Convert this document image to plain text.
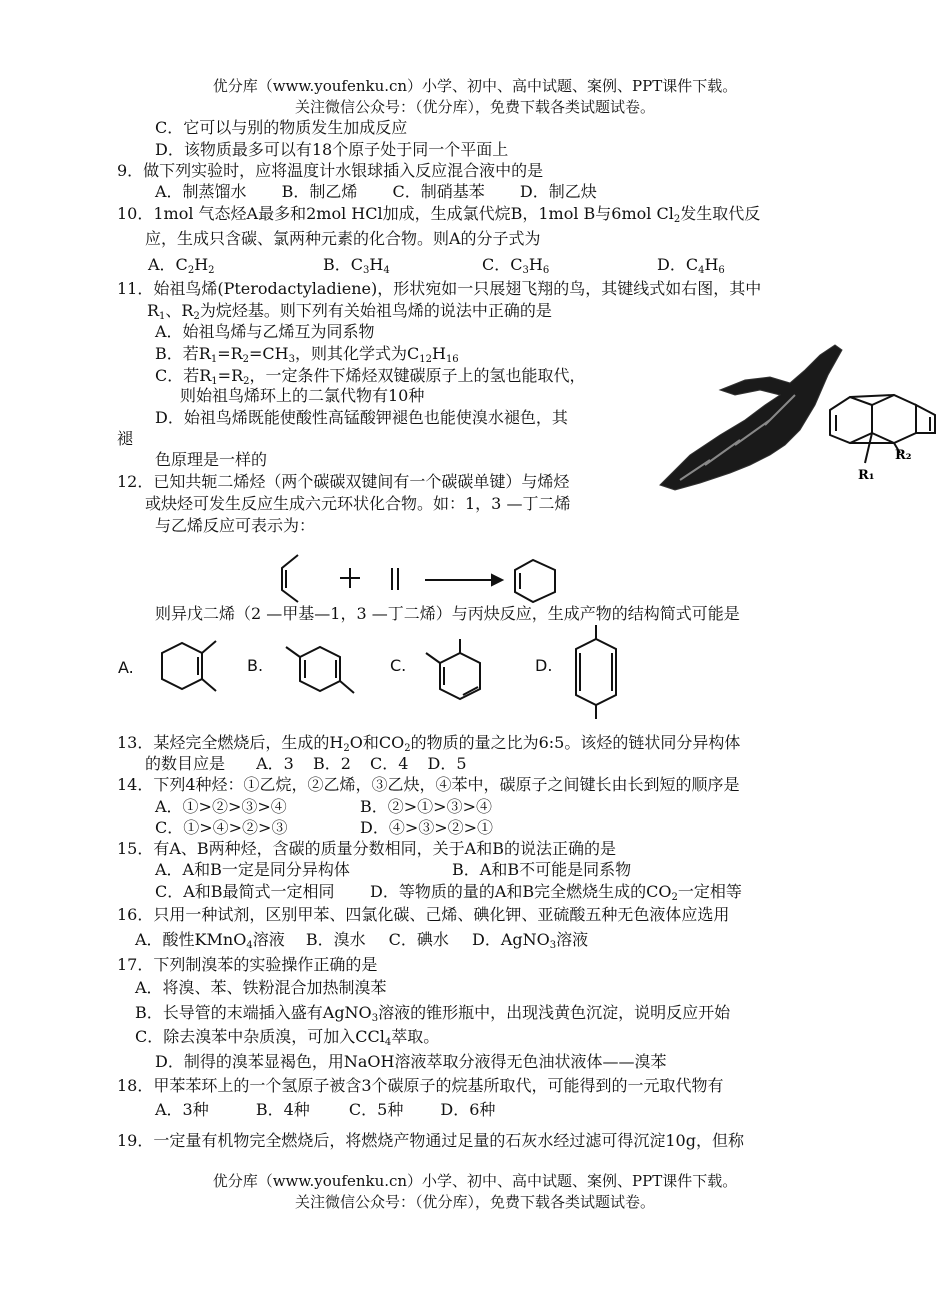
优分库（www.youfenku.cn）小学、初中、高中试题、案例、PPT课件下载。
关注微信公众号：（优分库），免费下载各类试题试卷。
C．它可以与别的物质发生加成反应
D．该物质最多可以有18个原子处于同一个平面上
9．做下列实验时，应将温度计水银球插入反应混合液中的是
A．制蒸馏水 B．制乙烯 C．制硝基苯 D．制乙炔
10．1mol 气态烃A最多和2mol HCl加成，生成氯代烷B，1mol B与6mol $Cl_2$发生取代反
应，生成只含碳、氯两种元素的化合物。则A的分子式为
A．$C_2H_2$	B．$C_3H_4$	C．$C_3H_6$	D．$C_4H_6$
11．始祖鸟烯(Pterodactyladiene)，形状宛如一只展翅飞翔的鸟，其键线式如右图，其中
$R_1$、$R_2$为烷烃基。则下列有关始祖鸟烯的说法中正确的是
A．始祖鸟烯与乙烯互为同系物
B．若$R_1=R_2=CH_3$，则其化学式为$C_{12}H_{16}$
C．若$R_1=R_2$，一定条件下烯烃双键碳原子上的氢也能取代，
则始祖鸟烯环上的二氯代物有10种
D．始祖鸟烯既能使酸性高锰酸钾褪色也能使溴水褪色，其
褪
色原理是一样的
R₁
R₂
12．已知共轭二烯烃（两个碳碳双键间有一个碳碳单键）与烯烃
或炔烃可发生反应生成六元环状化合物。如：1，3 —丁二烯
与乙烯反应可表示为：
则异戊二烯（2 —甲基—1，3 —丁二烯）与丙炔反应，生成产物的结构简式可能是
A.	B.	C.	D.
13．某烃完全燃烧后，生成的$H_2O$和$CO_2$的物质的量之比为6:5。该烃的链状同分异构体
的数目应是 A．3 B．2 C．4 D．5
14．下列4种烃：①乙烷，②乙烯，③乙炔，④苯中，碳原子之间键长由长到短的顺序是
A．①>②>③>④	B．②>①>③>④
C．①>④>②>③	D．④>③>②>①
15．有A、B两种烃，含碳的质量分数相同，关于A和B的说法正确的是
A．A和B一定是同分异构体	B．A和B不可能是同系物
C．A和B最简式一定相同 D．等物质的量的A和B完全燃烧生成的$CO_2$一定相等
16．只用一种试剂，区别甲苯、四氯化碳、己烯、碘化钾、亚硫酸五种无色液体应选用
A．酸性KMnO$_4$溶液 B．溴水 C．碘水 D．AgNO$_3$溶液
17．下列制溴苯的实验操作正确的是
A．将溴、苯、铁粉混合加热制溴苯
B．长导管的末端插入盛有AgNO$_3$溶液的锥形瓶中，出现浅黄色沉淀，说明反应开始
C．除去溴苯中杂质溴，可加入CCl$_4$萃取。
D．制得的溴苯显褐色，用NaOH溶液萃取分液得无色油状液体——溴苯
18．甲苯苯环上的一个氢原子被含3个碳原子的烷基所取代，可能得到的一元取代物有
A．3种	B．4种 C．5种 D．6种
19．一定量有机物完全燃烧后，将燃烧产物通过足量的石灰水经过滤可得沉淀10g，但称
优分库（www.youfenku.cn）小学、初中、高中试题、案例、PPT课件下载。
关注微信公众号：（优分库），免费下载各类试题试卷。
